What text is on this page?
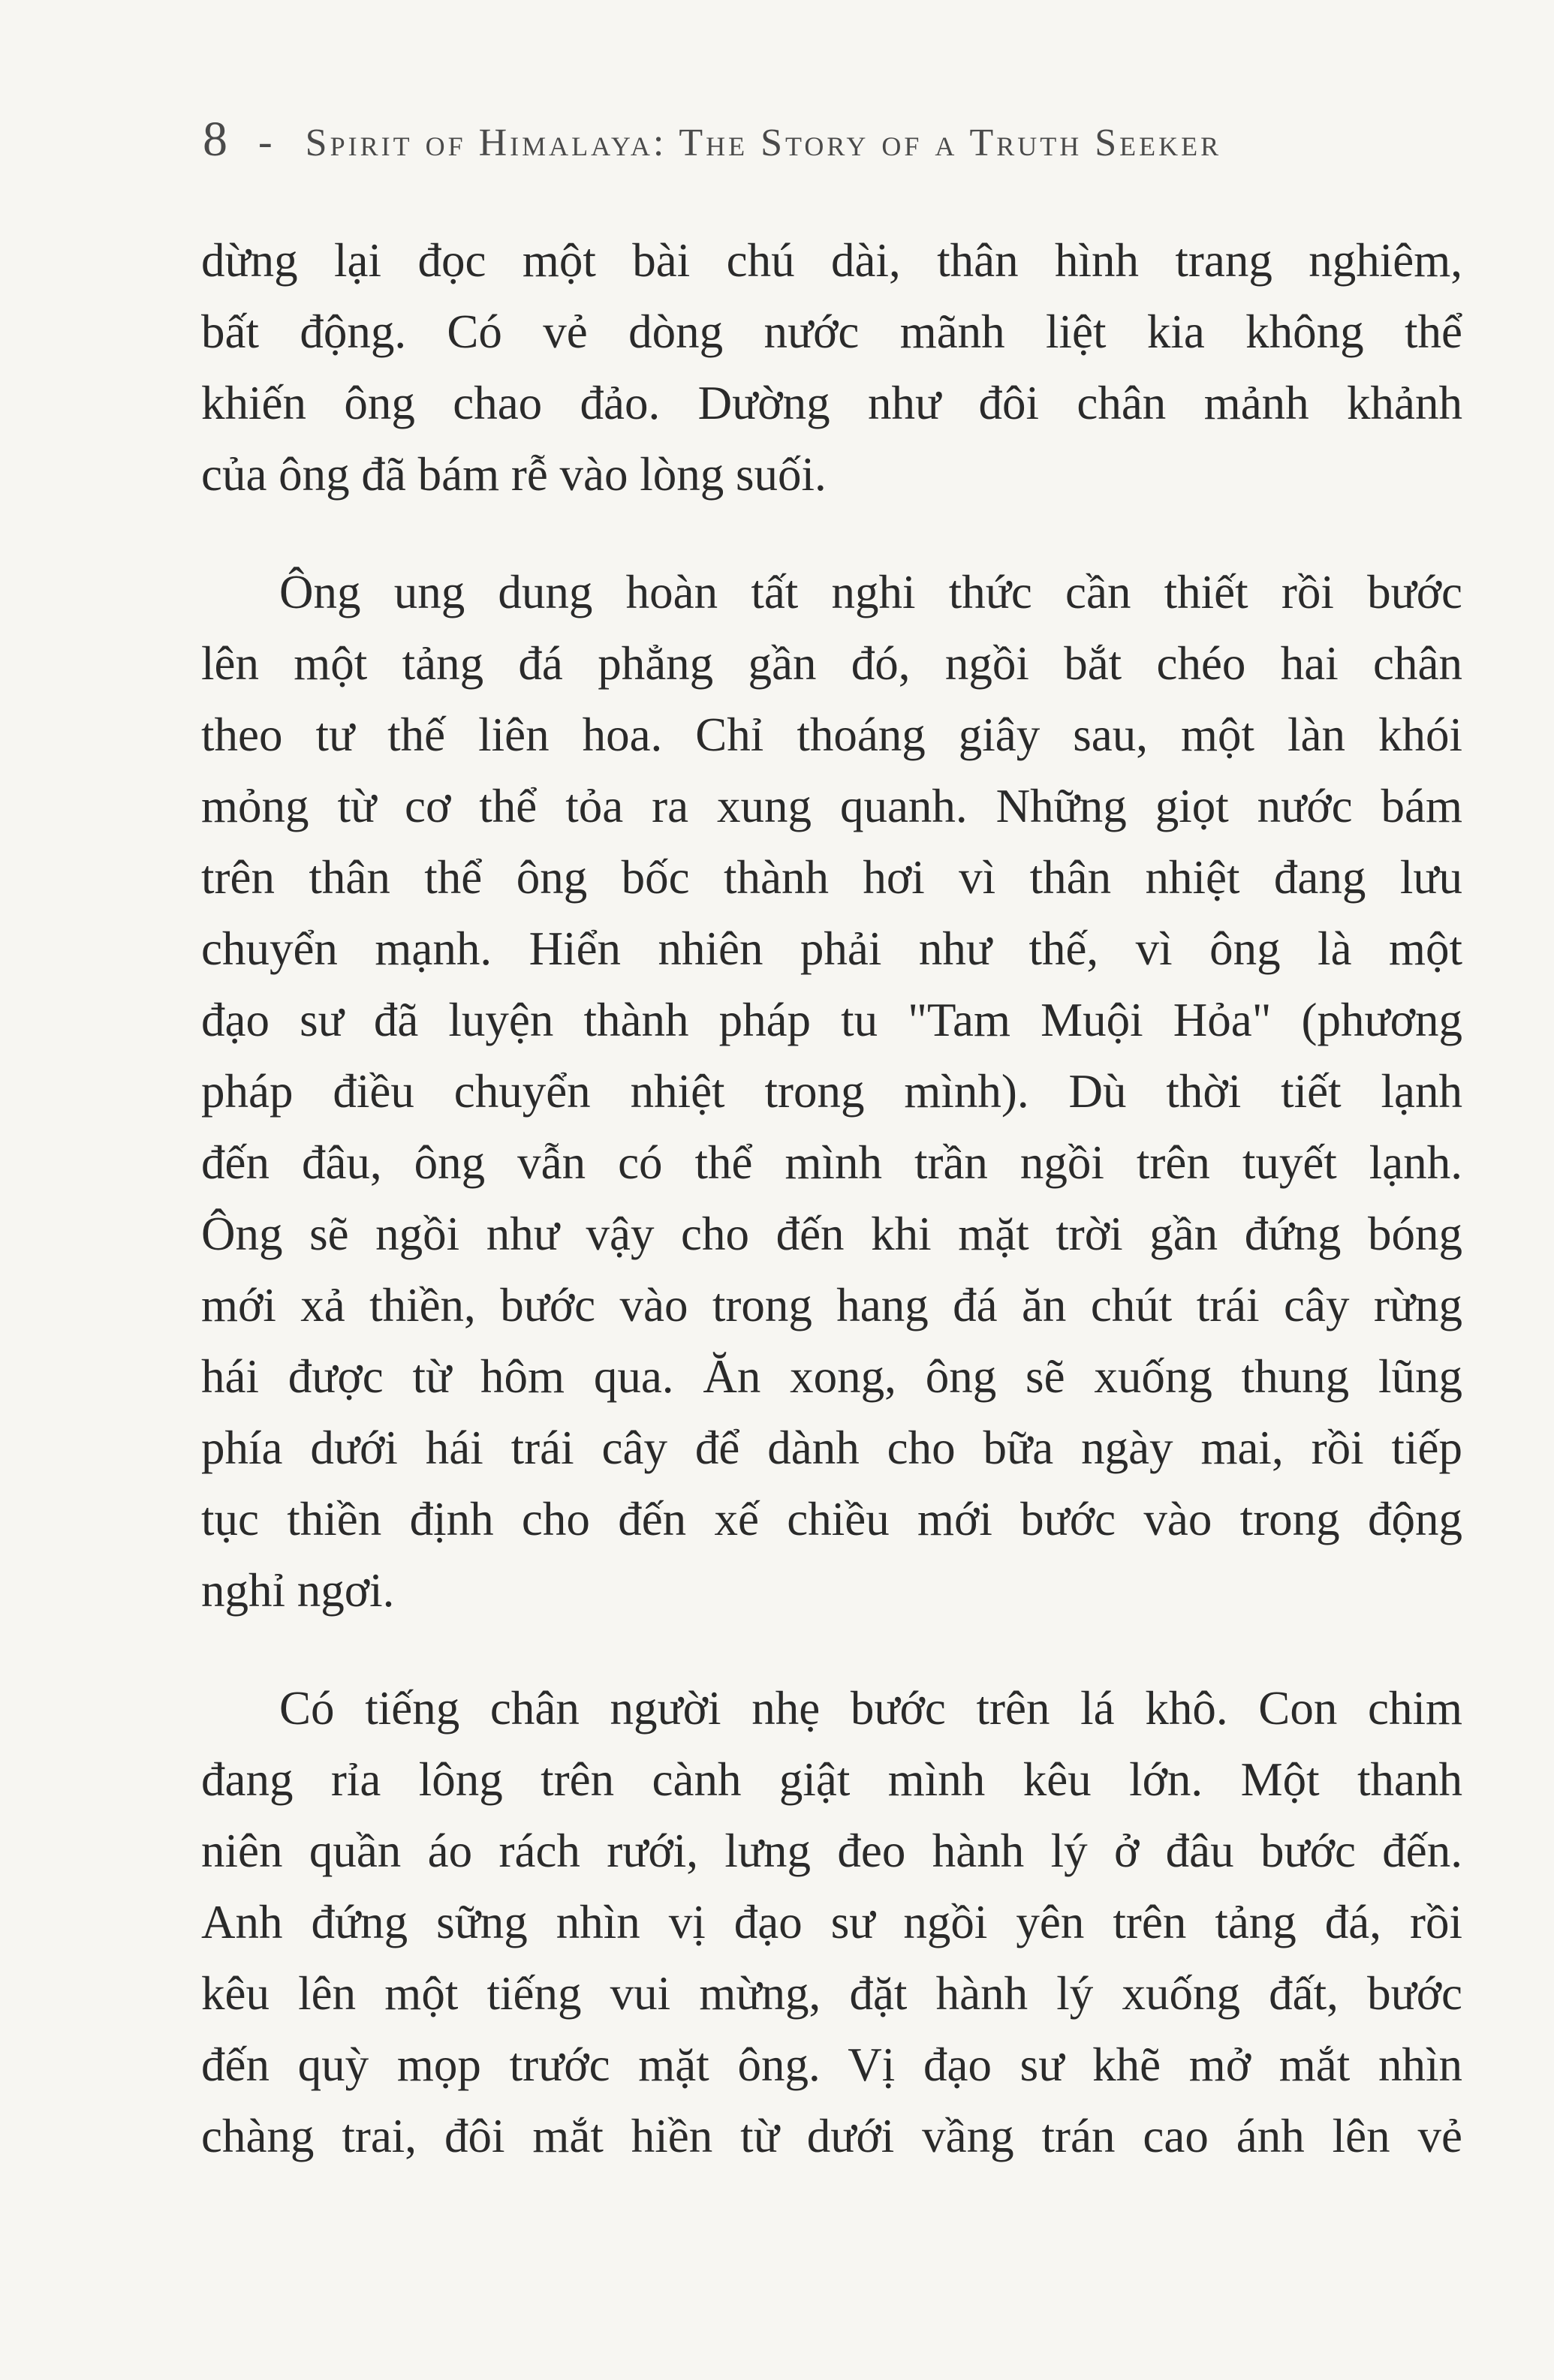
8 - Spirit of Himalaya: The Story of a Truth Seeker

dừng lại đọc một bài chú dài, thân hình trang nghiêm,
bất động. Có vẻ dòng nước mãnh liệt kia không thể
khiến ông chao đảo. Dường như đôi chân mảnh khảnh
của ông đã bám rễ vào lòng suối.

Ông ung dung hoàn tất nghi thức cần thiết rồi bước
lên một tảng đá phẳng gần đó, ngồi bắt chéo hai chân
theo tư thế liên hoa. Chỉ thoáng giây sau, một làn khói
mỏng từ cơ thể tỏa ra xung quanh. Những giọt nước bám
trên thân thể ông bốc thành hơi vì thân nhiệt đang lưu
chuyển mạnh. Hiển nhiên phải như thế, vì ông là một
đạo sư đã luyện thành pháp tu "Tam Muội Hỏa" (phương
pháp điều chuyển nhiệt trong mình). Dù thời tiết lạnh
đến đâu, ông vẫn có thể mình trần ngồi trên tuyết lạnh.
Ông sẽ ngồi như vậy cho đến khi mặt trời gần đứng bóng
mới xả thiền, bước vào trong hang đá ăn chút trái cây rừng
hái được từ hôm qua. Ăn xong, ông sẽ xuống thung lũng
phía dưới hái trái cây để dành cho bữa ngày mai, rồi tiếp
tục thiền định cho đến xế chiều mới bước vào trong động
nghỉ ngơi.

Có tiếng chân người nhẹ bước trên lá khô. Con chim
đang rỉa lông trên cành giật mình kêu lớn. Một thanh
niên quần áo rách rưới, lưng đeo hành lý ở đâu bước đến.
Anh đứng sững nhìn vị đạo sư ngồi yên trên tảng đá, rồi
kêu lên một tiếng vui mừng, đặt hành lý xuống đất, bước
đến quỳ mọp trước mặt ông. Vị đạo sư khẽ mở mắt nhìn
chàng trai, đôi mắt hiền từ dưới vầng trán cao ánh lên vẻ
